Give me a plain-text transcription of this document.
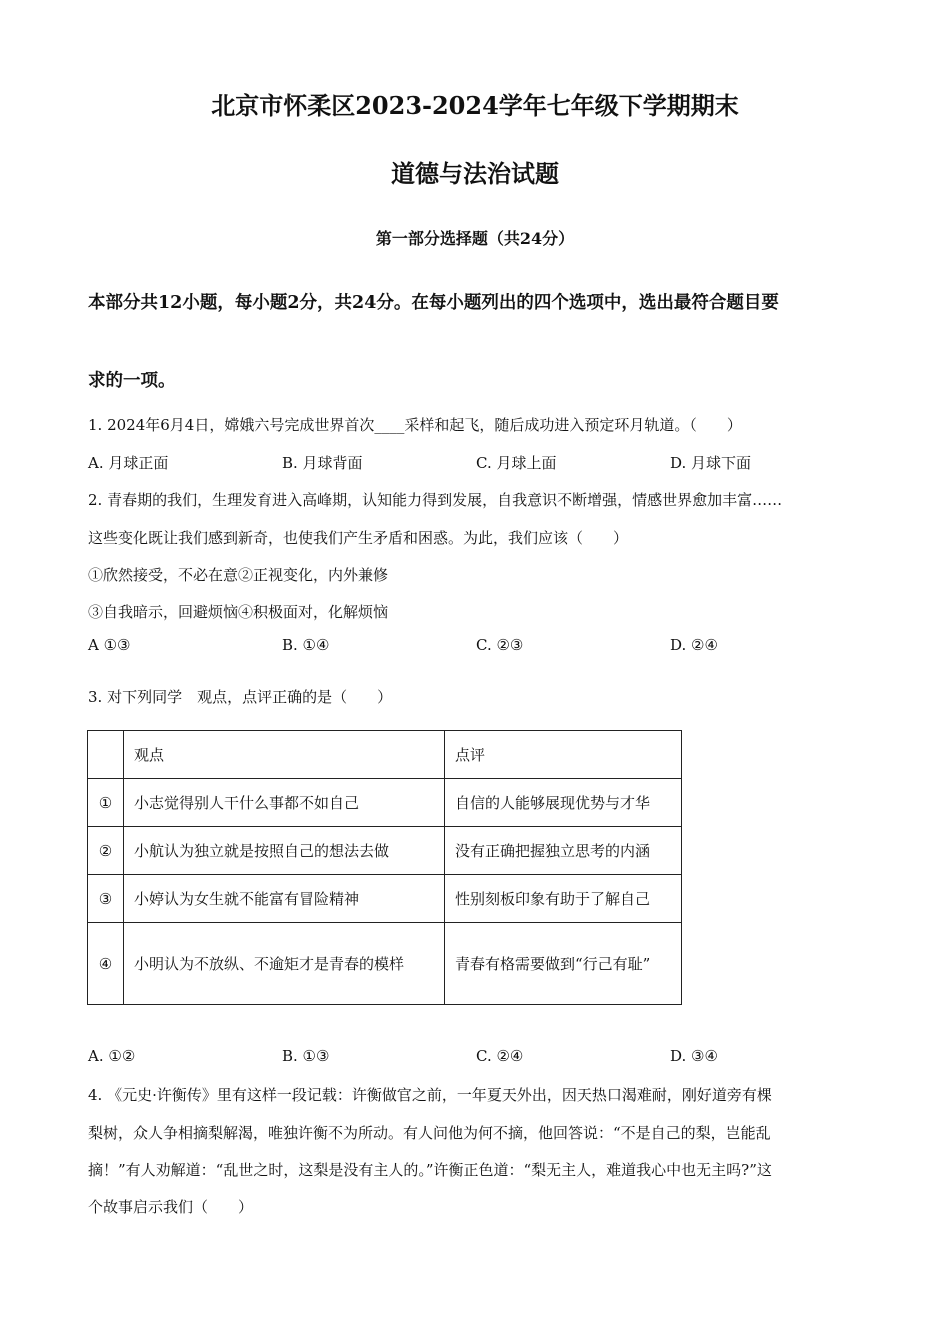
北京市怀柔区2023-2024学年七年级下学期期末
道德与法治试题
第一部分选择题（共24分）
本部分共12小题，每小题2分，共24分。在每小题列出的四个选项中，选出最符合题目要
求的一项。
1. 2024年6月4日，嫦娥六号完成世界首次____采样和起飞，随后成功进入预定环月轨道。（　　）
A. 月球正面	B. 月球背面	C. 月球上面	D. 月球下面
2. 青春期的我们，生理发育进入高峰期，认知能力得到发展，自我意识不断增强，情感世界愈加丰富……
这些变化既让我们感到新奇，也使我们产生矛盾和困惑。为此，我们应该（　　）
①欣然接受，不必在意②正视变化，内外兼修
③自我暗示，回避烦恼④积极面对，化解烦恼
A ①③	B. ①④	C. ②③	D. ②④
3. 对下列同学　观点，点评正确的是（　　）
	观点	点评
①	小志觉得别人干什么事都不如自己	自信的人能够展现优势与才华
②	小航认为独立就是按照自己的想法去做	没有正确把握独立思考的内涵
③	小婷认为女生就不能富有冒险精神	性别刻板印象有助于了解自己
④	小明认为不放纵、不逾矩才是青春的模样	青春有格需要做到“行己有耻”
A. ①②	B. ①③	C. ②④	D. ③④
4. 《元史·许衡传》里有这样一段记载：许衡做官之前，一年夏天外出，因天热口渴难耐，刚好道旁有棵
梨树，众人争相摘梨解渴，唯独许衡不为所动。有人问他为何不摘，他回答说：“不是自己的梨，岂能乱
摘！”有人劝解道：“乱世之时，这梨是没有主人的。”许衡正色道：“梨无主人，难道我心中也无主吗?”这
个故事启示我们（　　）
